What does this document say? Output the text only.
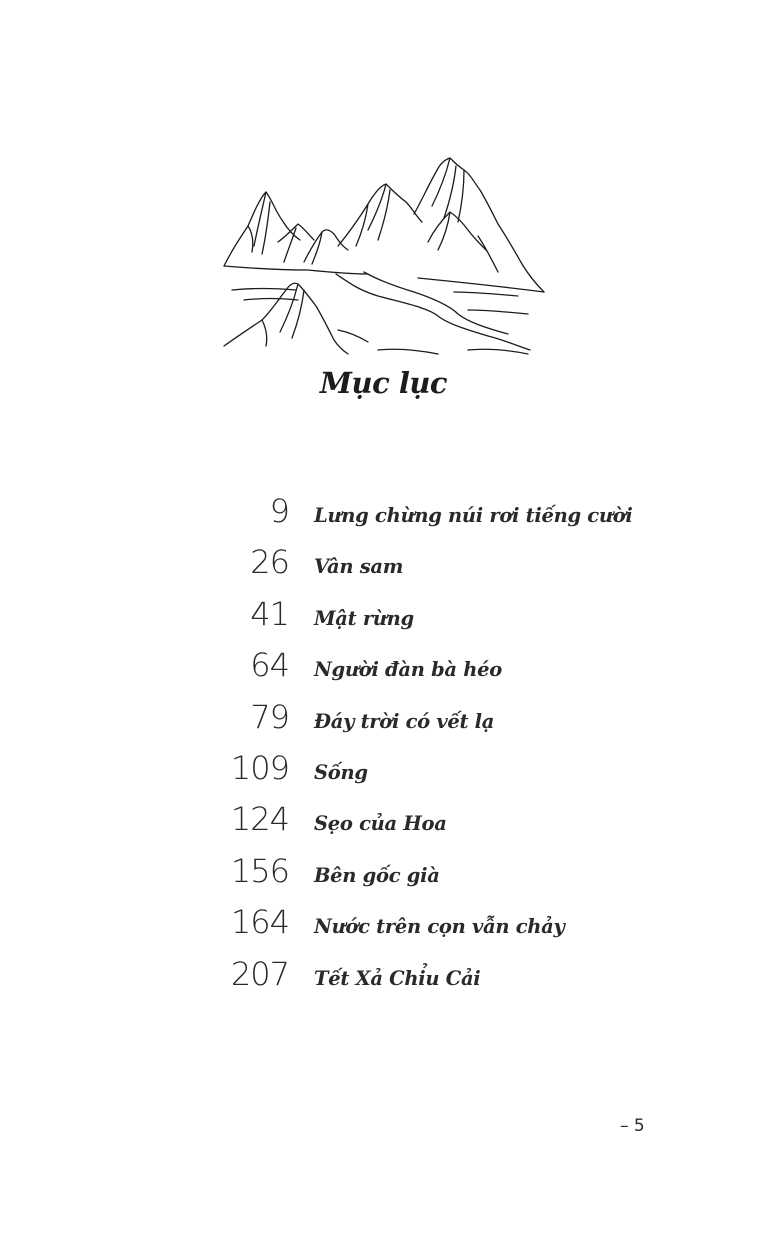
Mục lục
9 Lưng chừng núi rơi tiếng cười
26 Vân sam
41 Mật rừng
64 Người đàn bà héo
79 Đáy trời có vết lạ
109 Sống
124 Sẹo của Hoa
156 Bên gốc già
164 Nước trên cọn vẫn chảy
207 Tết Xả Chỉu Cải
– 5
